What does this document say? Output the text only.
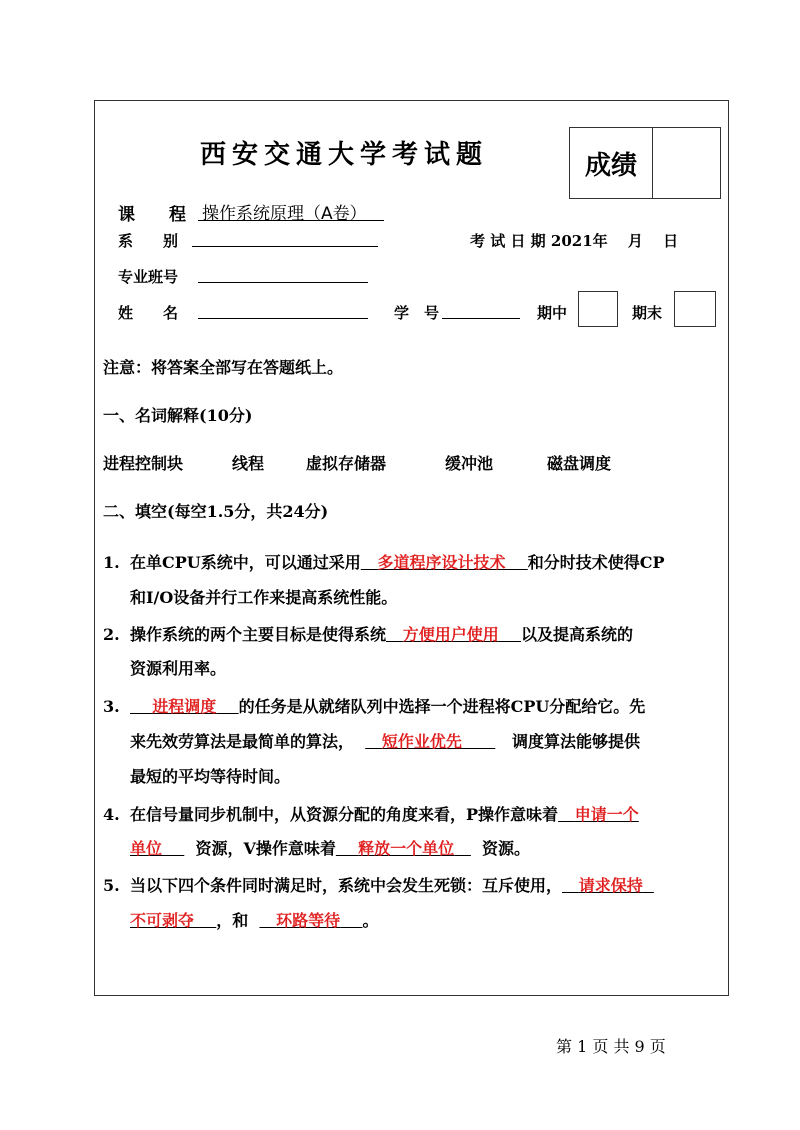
西安交通大学考试题	成绩
课　　程 操作系统原理（A卷）
系　　别	考 试 日 期 2021年　 月　 日
专业班号
姓　　名	学　号	期中	期末
注意：将答案全部写在答题纸上。
一、名词解释(10分)
进程控制块	线程	虚拟存储器	缓冲池	磁盘调度
二、填空(每空1.5分，共24分)
1. 在单CPU系统中，可以通过采用 多道程序设计技术 和分时技术使得CP
和I/O设备并行工作来提高系统性能。
2. 操作系统的两个主要目标是使得系统 方便用户使用 以及提高系统的
资源利用率。
3. 进程调度 的任务是从就绪队列中选择一个进程将CPU分配给它。先
来先效劳算法是最简单的算法， 短作业优先	调度算法能够提供
最短的平均等待时间。
4. 在信号量同步机制中，从资源分配的角度来看，P操作意味着 申请一个
单位 资源，V操作意味着 释放一个单位 资源。
5. 当以下四个条件同时满足时，系统中会发生死锁：互斥使用， 请求保持
不可剥夺 ，和 环路等待 。
第 1 页 共 9 页
